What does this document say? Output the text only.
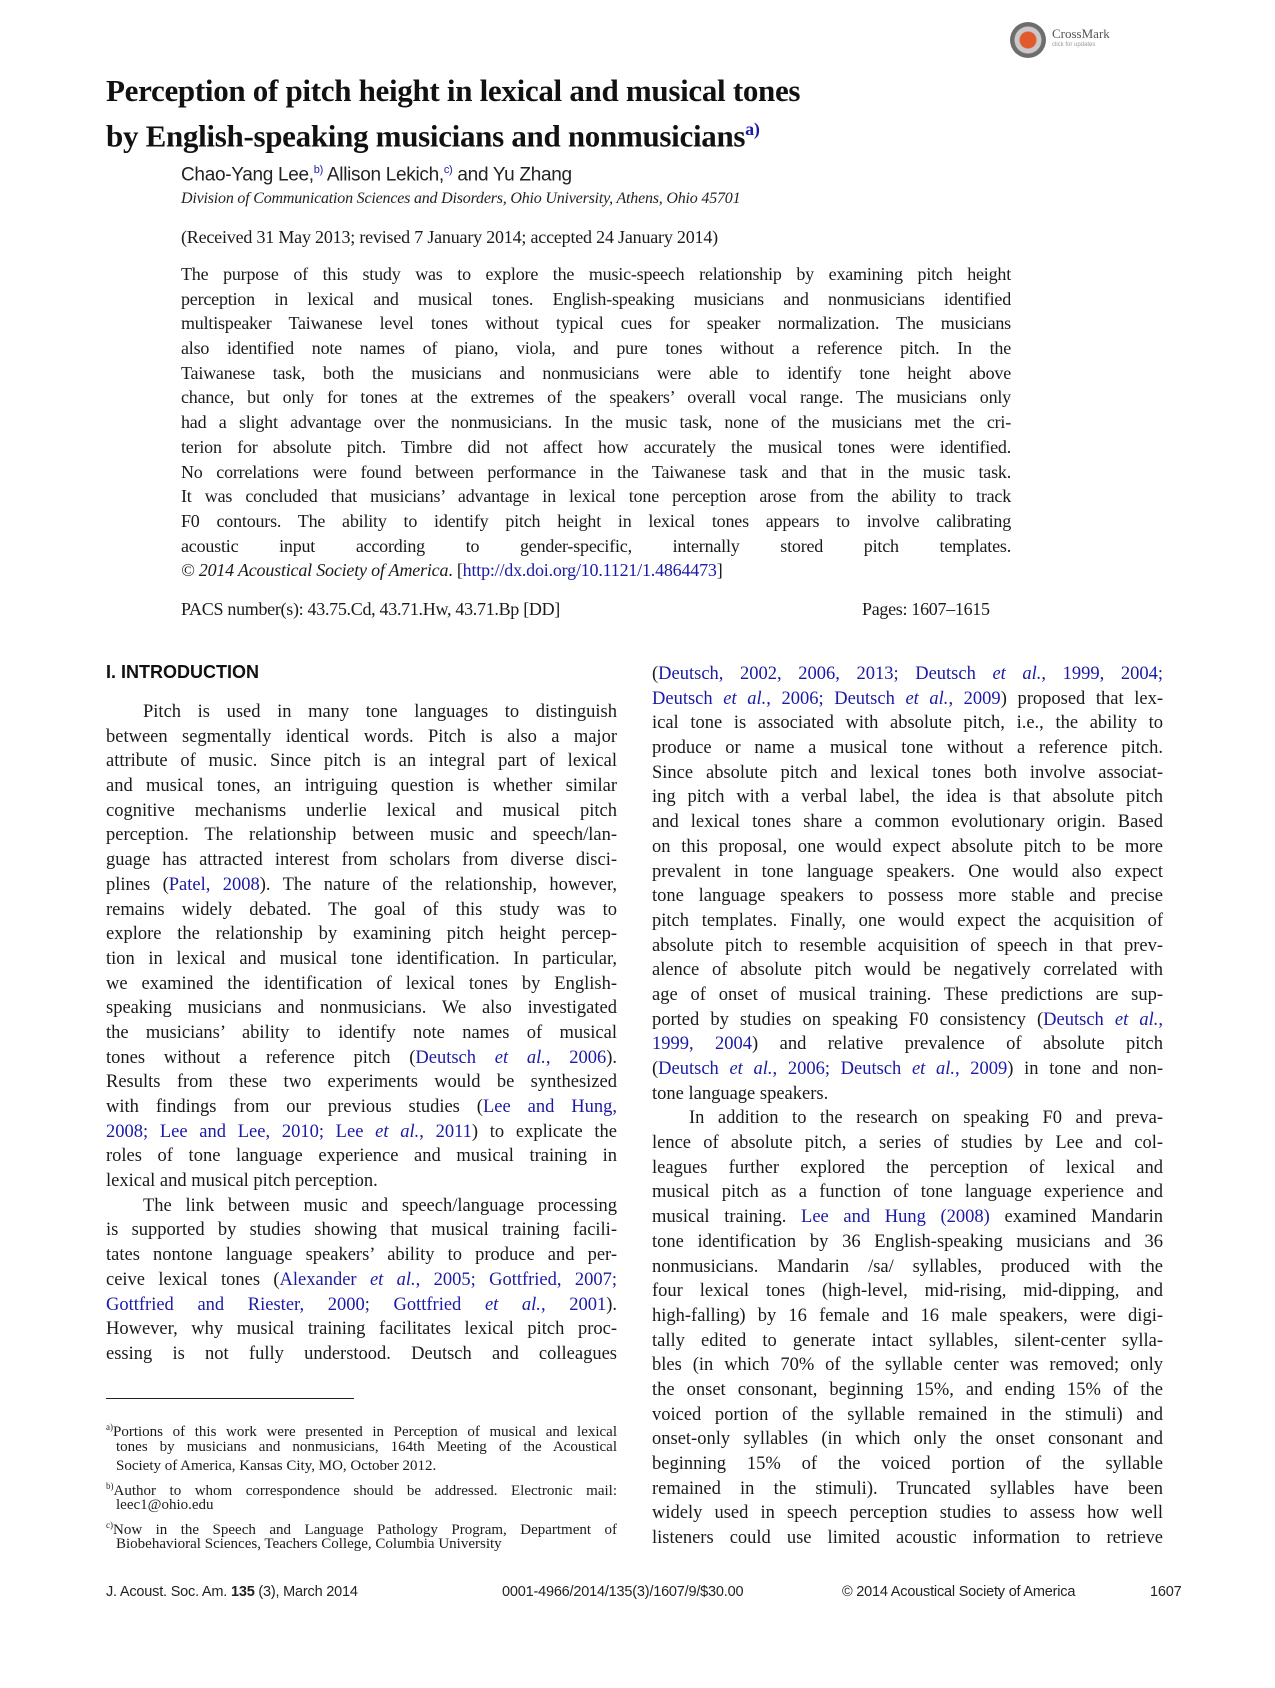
CrossMark
click for updates
Perception of pitch height in lexical and musical tones
by English-speaking musicians and nonmusicians$^{a)}$
Chao-Yang Lee,$^{b)}$ Allison Lekich,$^{c)}$ and Yu Zhang
Division of Communication Sciences and Disorders, Ohio University, Athens, Ohio 45701
(Received 31 May 2013; revised 7 January 2014; accepted 24 January 2014)
The purpose of this study was to explore the music-speech relationship by examining pitch height
perception in lexical and musical tones. English-speaking musicians and nonmusicians identified
multispeaker Taiwanese level tones without typical cues for speaker normalization. The musicians
also identified note names of piano, viola, and pure tones without a reference pitch. In the
Taiwanese task, both the musicians and nonmusicians were able to identify tone height above
chance, but only for tones at the extremes of the speakers’ overall vocal range. The musicians only
had a slight advantage over the nonmusicians. In the music task, none of the musicians met the cri-
terion for absolute pitch. Timbre did not affect how accurately the musical tones were identified.
No correlations were found between performance in the Taiwanese task and that in the music task.
It was concluded that musicians’ advantage in lexical tone perception arose from the ability to track
F0 contours. The ability to identify pitch height in lexical tones appears to involve calibrating
acoustic input according to gender-specific, internally stored pitch templates.
© 2014 Acoustical Society of America. [http://dx.doi.org/10.1121/1.4864473]
PACS number(s): 43.75.Cd, 43.71.Hw, 43.71.Bp [DD]	Pages: 1607–1615
I. INTRODUCTION
Pitch is used in many tone languages to distinguish
between segmentally identical words. Pitch is also a major
attribute of music. Since pitch is an integral part of lexical
and musical tones, an intriguing question is whether similar
cognitive mechanisms underlie lexical and musical pitch
perception. The relationship between music and speech/lan-
guage has attracted interest from scholars from diverse disci-
plines (Patel, 2008). The nature of the relationship, however,
remains widely debated. The goal of this study was to
explore the relationship by examining pitch height percep-
tion in lexical and musical tone identification. In particular,
we examined the identification of lexical tones by English-
speaking musicians and nonmusicians. We also investigated
the musicians’ ability to identify note names of musical
tones without a reference pitch (Deutsch et al., 2006).
Results from these two experiments would be synthesized
with findings from our previous studies (Lee and Hung,
2008; Lee and Lee, 2010; Lee et al., 2011) to explicate the
roles of tone language experience and musical training in
lexical and musical pitch perception.
The link between music and speech/language processing
is supported by studies showing that musical training facili-
tates nontone language speakers’ ability to produce and per-
ceive lexical tones (Alexander et al., 2005; Gottfried, 2007;
Gottfried and Riester, 2000; Gottfried et al., 2001).
However, why musical training facilitates lexical pitch proc-
essing is not fully understood. Deutsch and colleagues
(Deutsch, 2002, 2006, 2013; Deutsch et al., 1999, 2004;
Deutsch et al., 2006; Deutsch et al., 2009) proposed that lex-
ical tone is associated with absolute pitch, i.e., the ability to
produce or name a musical tone without a reference pitch.
Since absolute pitch and lexical tones both involve associat-
ing pitch with a verbal label, the idea is that absolute pitch
and lexical tones share a common evolutionary origin. Based
on this proposal, one would expect absolute pitch to be more
prevalent in tone language speakers. One would also expect
tone language speakers to possess more stable and precise
pitch templates. Finally, one would expect the acquisition of
absolute pitch to resemble acquisition of speech in that prev-
alence of absolute pitch would be negatively correlated with
age of onset of musical training. These predictions are sup-
ported by studies on speaking F0 consistency (Deutsch et al.,
1999, 2004) and relative prevalence of absolute pitch
(Deutsch et al., 2006; Deutsch et al., 2009) in tone and non-
tone language speakers.
In addition to the research on speaking F0 and preva-
lence of absolute pitch, a series of studies by Lee and col-
leagues further explored the perception of lexical and
musical pitch as a function of tone language experience and
musical training. Lee and Hung (2008) examined Mandarin
tone identification by 36 English-speaking musicians and 36
nonmusicians. Mandarin /sa/ syllables, produced with the
four lexical tones (high-level, mid-rising, mid-dipping, and
high-falling) by 16 female and 16 male speakers, were digi-
tally edited to generate intact syllables, silent-center sylla-
bles (in which 70% of the syllable center was removed; only
the onset consonant, beginning 15%, and ending 15% of the
voiced portion of the syllable remained in the stimuli) and
onset-only syllables (in which only the onset consonant and
beginning 15% of the voiced portion of the syllable
remained in the stimuli). Truncated syllables have been
widely used in speech perception studies to assess how well
listeners could use limited acoustic information to retrieve
$^{a)}$Portions of this work were presented in Perception of musical and lexical
tones by musicians and nonmusicians, 164th Meeting of the Acoustical
Society of America, Kansas City, MO, October 2012.
$^{b)}$Author to whom correspondence should be addressed. Electronic mail:
leec1@ohio.edu
$^{c)}$Now in the Speech and Language Pathology Program, Department of
Biobehavioral Sciences, Teachers College, Columbia University
J. Acoust. Soc. Am. 135 (3), March 2014	0001-4966/2014/135(3)/1607/9/$30.00	© 2014 Acoustical Society of America	1607
